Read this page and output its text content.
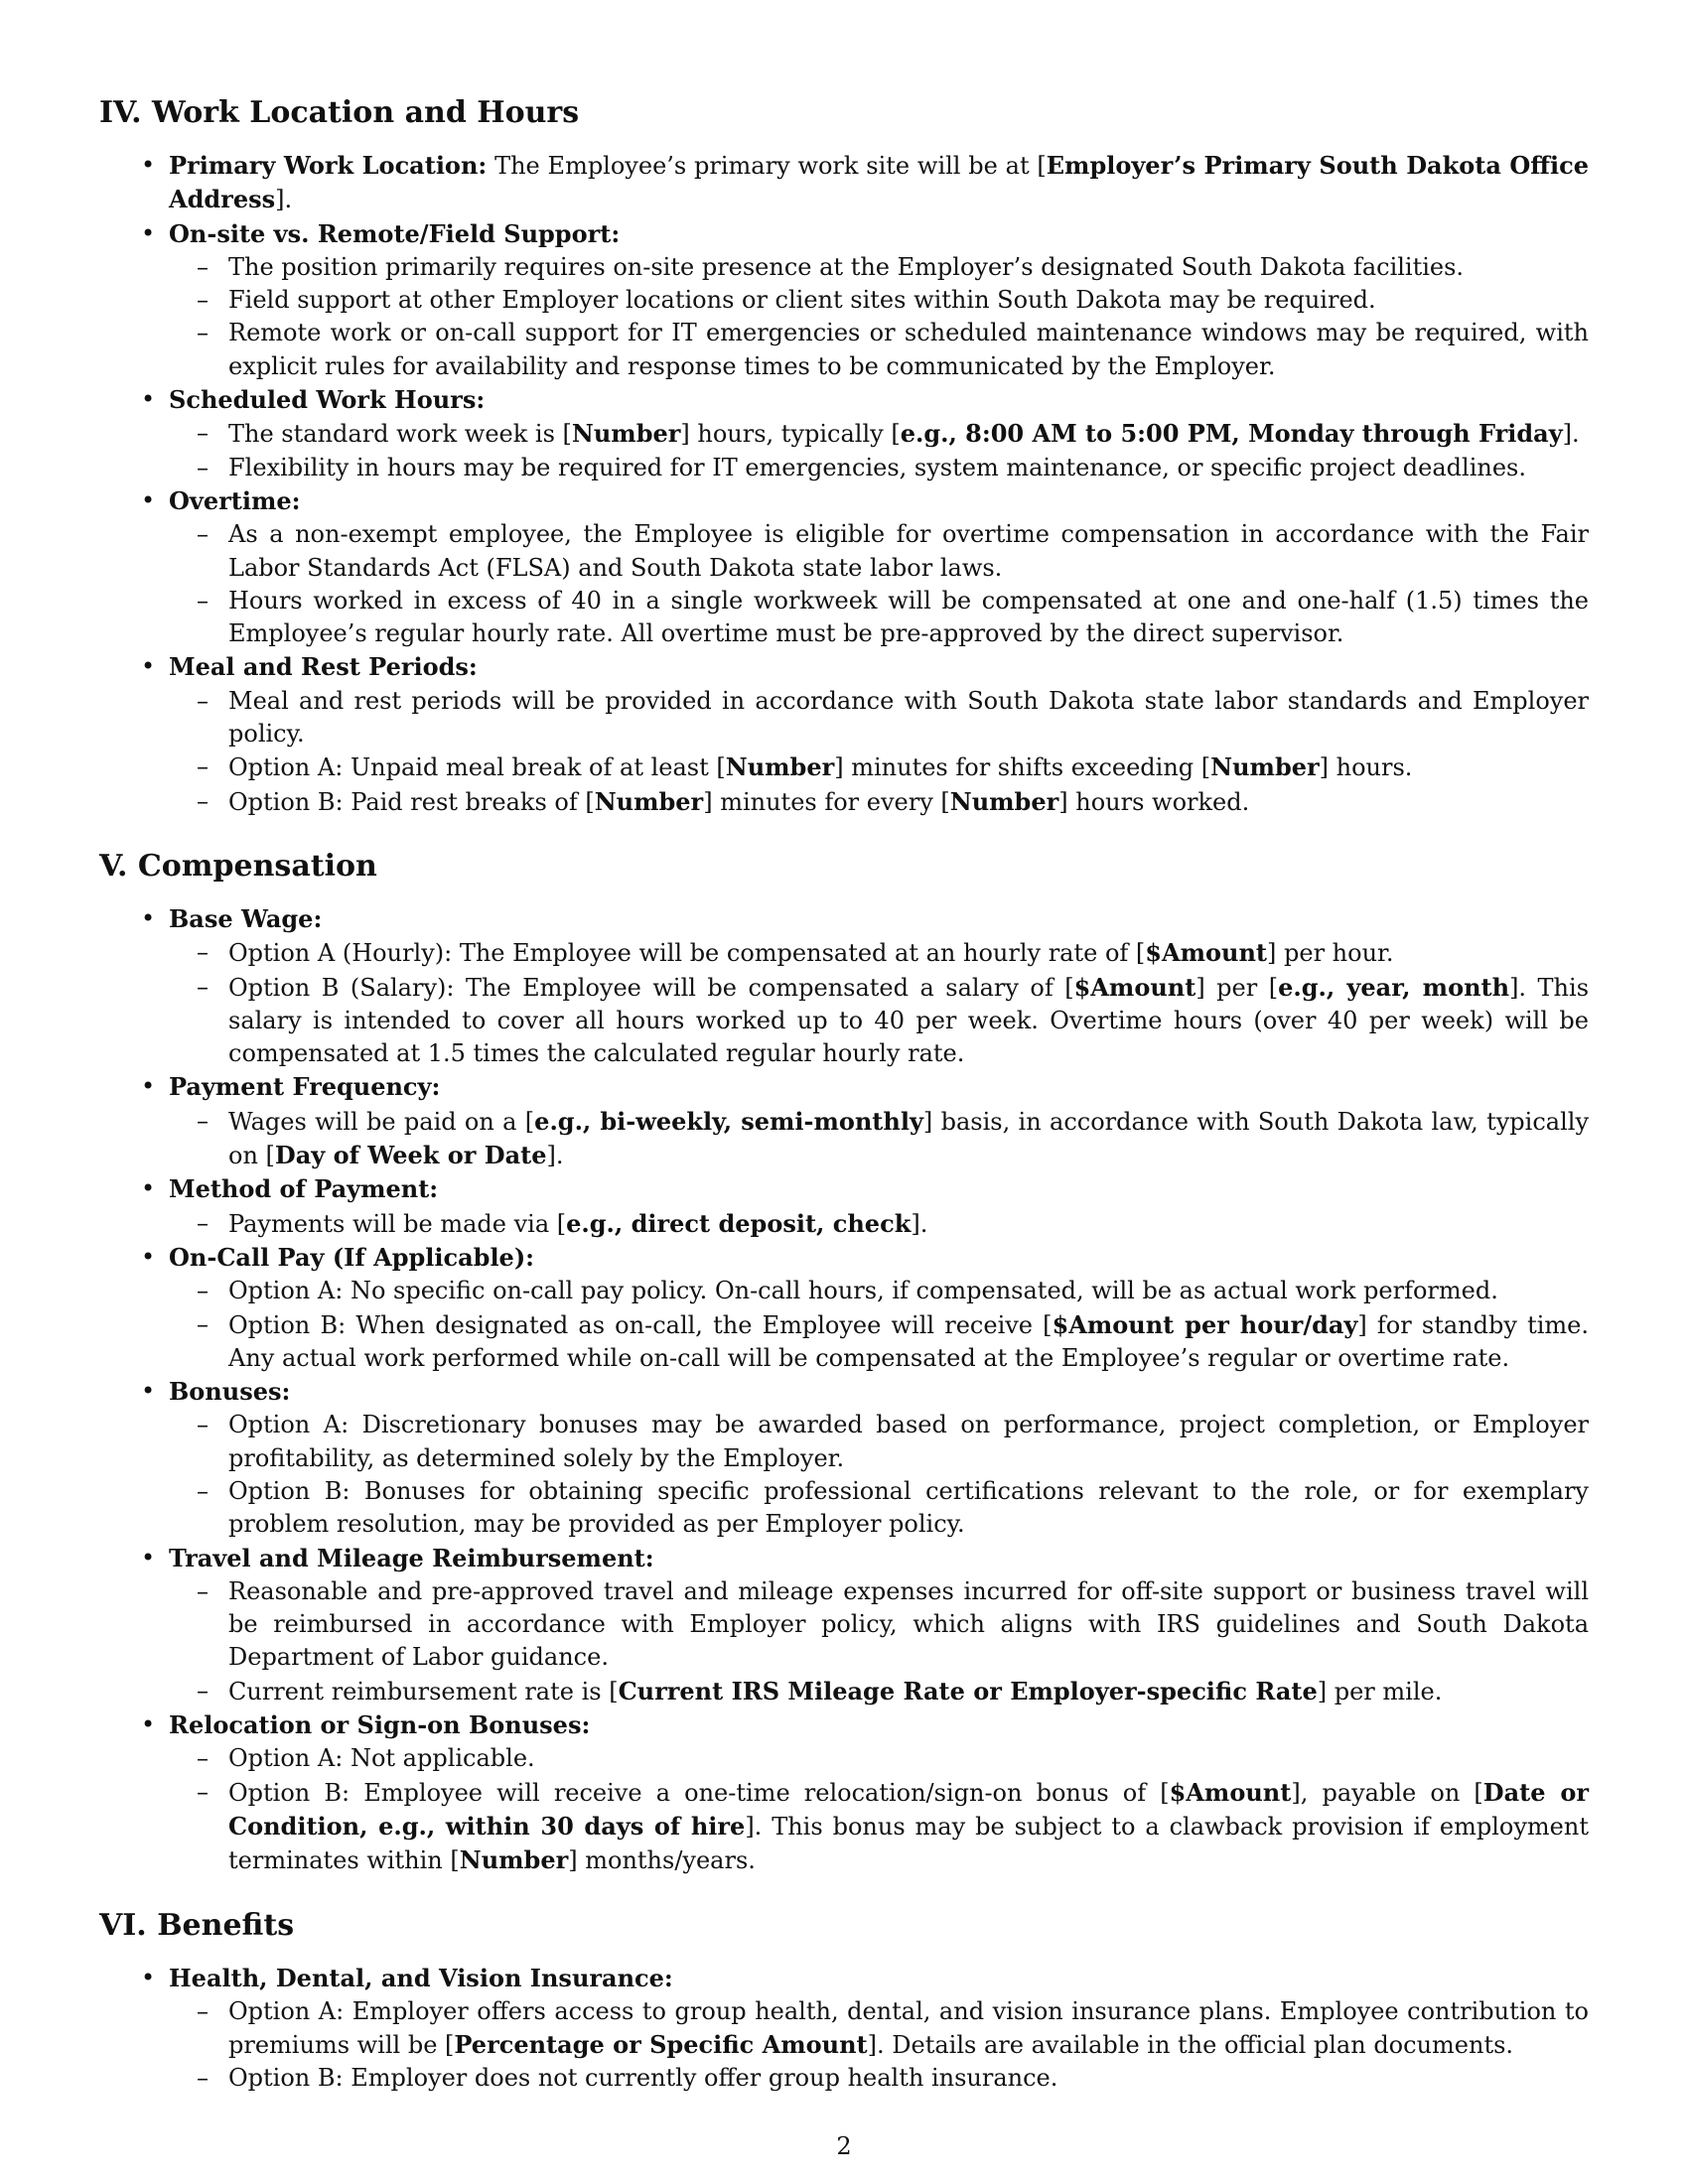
IV. Work Location and Hours
• Primary Work Location: The Employee’s primary work site will be at [Employer’s Primary South Dakota Office Address].
• On-site vs. Remote/Field Support:
– The position primarily requires on-site presence at the Employer’s designated South Dakota facilities.
– Field support at other Employer locations or client sites within South Dakota may be required.
– Remote work or on-call support for IT emergencies or scheduled maintenance windows may be required, with explicit rules for availability and response times to be communicated by the Employer.
• Scheduled Work Hours:
– The standard work week is [Number] hours, typically [e.g., 8:00 AM to 5:00 PM, Monday through Friday].
– Flexibility in hours may be required for IT emergencies, system maintenance, or specific project deadlines.
• Overtime:
– As a non-exempt employee, the Employee is eligible for overtime compensation in accordance with the Fair Labor Standards Act (FLSA) and South Dakota state labor laws.
– Hours worked in excess of 40 in a single workweek will be compensated at one and one-half (1.5) times the Employee’s regular hourly rate. All overtime must be pre-approved by the direct supervisor.
• Meal and Rest Periods:
– Meal and rest periods will be provided in accordance with South Dakota state labor standards and Employer policy.
– Option A: Unpaid meal break of at least [Number] minutes for shifts exceeding [Number] hours.
– Option B: Paid rest breaks of [Number] minutes for every [Number] hours worked.
V. Compensation
• Base Wage:
– Option A (Hourly): The Employee will be compensated at an hourly rate of [$Amount] per hour.
– Option B (Salary): The Employee will be compensated a salary of [$Amount] per [e.g., year, month]. This salary is intended to cover all hours worked up to 40 per week. Overtime hours (over 40 per week) will be compensated at 1.5 times the calculated regular hourly rate.
• Payment Frequency:
– Wages will be paid on a [e.g., bi-weekly, semi-monthly] basis, in accordance with South Dakota law, typically on [Day of Week or Date].
• Method of Payment:
– Payments will be made via [e.g., direct deposit, check].
• On-Call Pay (If Applicable):
– Option A: No specific on-call pay policy. On-call hours, if compensated, will be as actual work performed.
– Option B: When designated as on-call, the Employee will receive [$Amount per hour/day] for standby time. Any actual work performed while on-call will be compensated at the Employee’s regular or overtime rate.
• Bonuses:
– Option A: Discretionary bonuses may be awarded based on performance, project completion, or Employer profitability, as determined solely by the Employer.
– Option B: Bonuses for obtaining specific professional certifications relevant to the role, or for exemplary problem resolution, may be provided as per Employer policy.
• Travel and Mileage Reimbursement:
– Reasonable and pre-approved travel and mileage expenses incurred for off-site support or business travel will be reimbursed in accordance with Employer policy, which aligns with IRS guidelines and South Dakota Department of Labor guidance.
– Current reimbursement rate is [Current IRS Mileage Rate or Employer-specific Rate] per mile.
• Relocation or Sign-on Bonuses:
– Option A: Not applicable.
– Option B: Employee will receive a one-time relocation/sign-on bonus of [$Amount], payable on [Date or Condition, e.g., within 30 days of hire]. This bonus may be subject to a clawback provision if employment terminates within [Number] months/years.
VI. Benefits
• Health, Dental, and Vision Insurance:
– Option A: Employer offers access to group health, dental, and vision insurance plans. Employee contribution to premiums will be [Percentage or Specific Amount]. Details are available in the official plan documents.
– Option B: Employer does not currently offer group health insurance.
2
